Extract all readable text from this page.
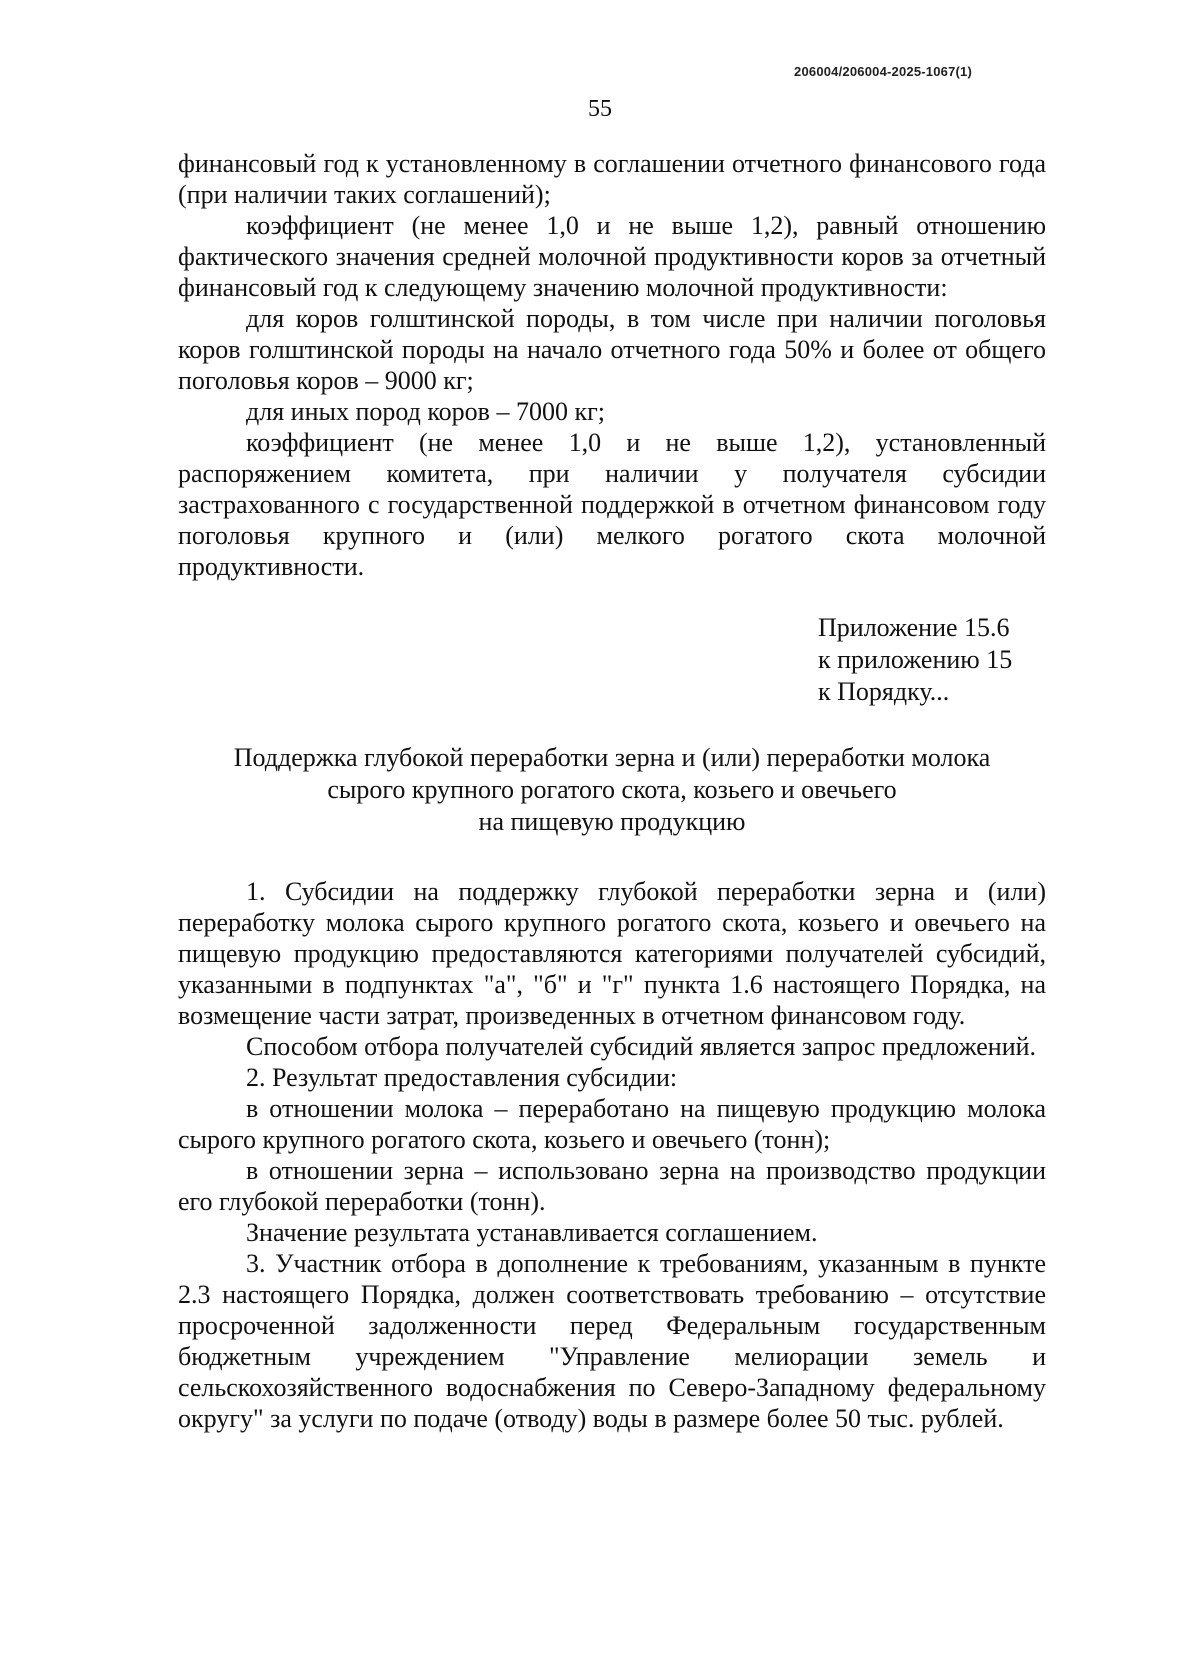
206004/206004-2025-1067(1)
55

финансовый год к установленному в соглашении отчетного финансового года (при наличии таких соглашений);

коэффициент (не менее 1,0 и не выше 1,2), равный отношению фактического значения средней молочной продуктивности коров за отчетный финансовый год к следующему значению молочной продуктивности:

для коров голштинской породы, в том числе при наличии поголовья коров голштинской породы на начало отчетного года 50% и более от общего поголовья коров – 9000 кг;

для иных пород коров – 7000 кг;

коэффициент (не менее 1,0 и не выше 1,2), установленный распоряжением комитета, при наличии у получателя субсидии застрахованного с государственной поддержкой в отчетном финансовом году поголовья крупного и (или) мелкого рогатого скота молочной продуктивности.

Приложение 15.6
к приложению 15
к Порядку...

Поддержка глубокой переработки зерна и (или) переработки молока
сырого крупного рогатого скота, козьего и овечьего
на пищевую продукцию

1. Субсидии на поддержку глубокой переработки зерна и (или) переработку молока сырого крупного рогатого скота, козьего и овечьего на пищевую продукцию предоставляются категориями получателей субсидий, указанными в подпунктах "а", "б" и "г" пункта 1.6 настоящего Порядка, на возмещение части затрат, произведенных в отчетном финансовом году.

Способом отбора получателей субсидий является запрос предложений.

2. Результат предоставления субсидии:

в отношении молока – переработано на пищевую продукцию молока сырого крупного рогатого скота, козьего и овечьего (тонн);

в отношении зерна – использовано зерна на производство продукции его глубокой переработки (тонн).

Значение результата устанавливается соглашением.

3. Участник отбора в дополнение к требованиям, указанным в пункте 2.3 настоящего Порядка, должен соответствовать требованию – отсутствие просроченной задолженности перед Федеральным государственным бюджетным учреждением "Управление мелиорации земель и сельскохозяйственного водоснабжения по Северо-Западному федеральному округу" за услуги по подаче (отводу) воды в размере более 50 тыс. рублей.
